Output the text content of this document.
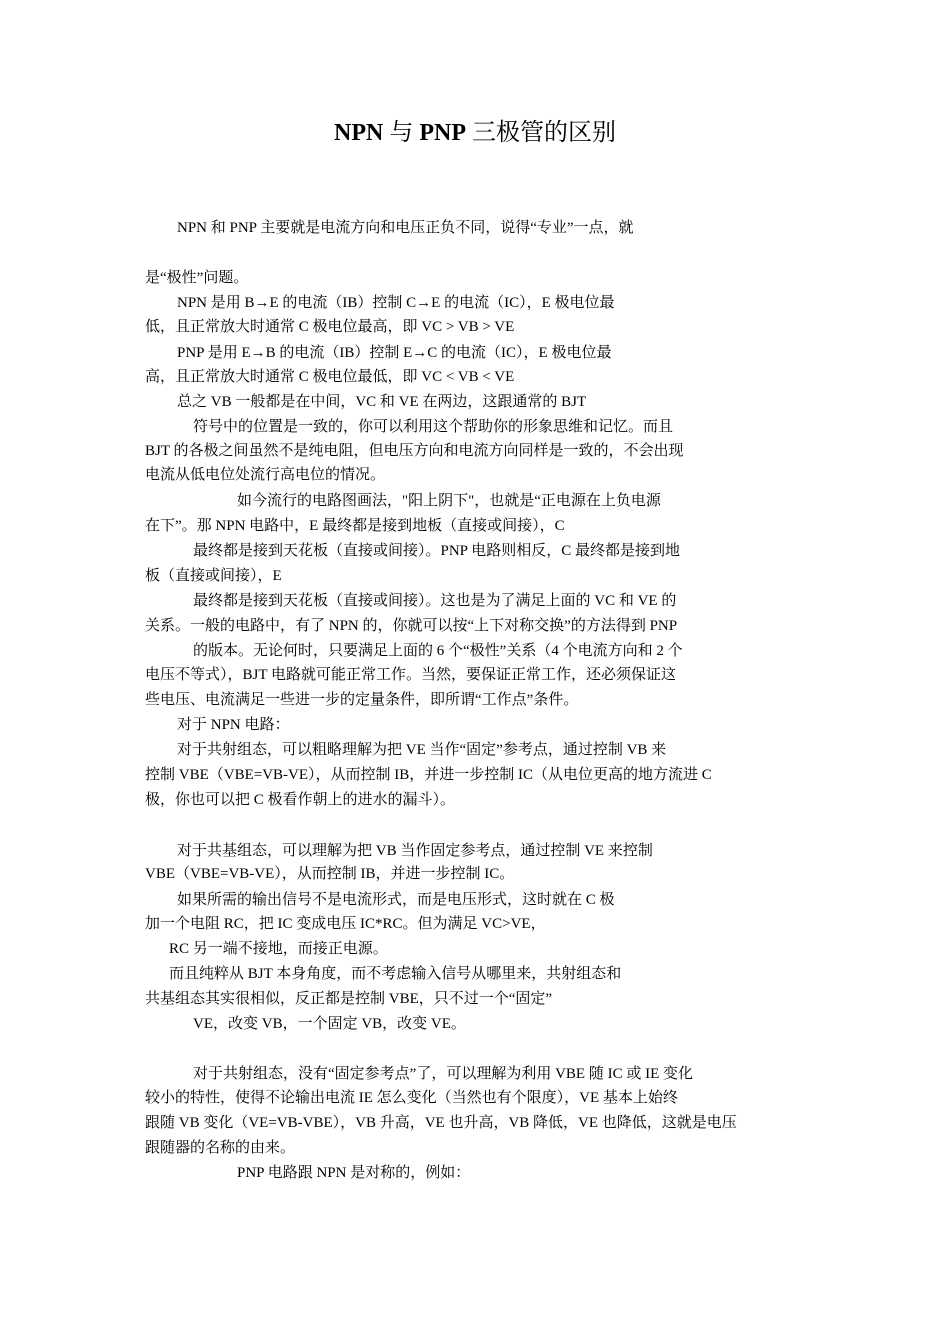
NPN 与 PNP 三极管的区别
NPN 和 PNP 主要就是电流方向和电压正负不同，说得“专业”一点，就
是“极性”问题。
NPN 是用 B→E 的电流（IB）控制 C→E 的电流（IC），E 极电位最
低，且正常放大时通常 C 极电位最高，即 VC > VB > VE
PNP 是用 E→B 的电流（IB）控制 E→C 的电流（IC），E 极电位最
高，且正常放大时通常 C 极电位最低，即 VC < VB < VE
总之 VB 一般都是在中间，VC 和 VE 在两边，这跟通常的 BJT
符号中的位置是一致的，你可以利用这个帮助你的形象思维和记忆。而且
BJT 的各极之间虽然不是纯电阻，但电压方向和电流方向同样是一致的，不会出现
电流从低电位处流行高电位的情况。
如今流行的电路图画法，"阳上阴下"，也就是“正电源在上负电源
在下”。那 NPN 电路中，E 最终都是接到地板（直接或间接），C
最终都是接到天花板（直接或间接）。PNP 电路则相反，C 最终都是接到地
板（直接或间接），E
最终都是接到天花板（直接或间接）。这也是为了满足上面的 VC 和 VE 的
关系。一般的电路中，有了 NPN 的，你就可以按“上下对称交换”的方法得到 PNP
的版本。无论何时，只要满足上面的 6 个“极性”关系（4 个电流方向和 2 个
电压不等式），BJT 电路就可能正常工作。当然，要保证正常工作，还必须保证这
些电压、电流满足一些进一步的定量条件，即所谓“工作点”条件。
对于 NPN 电路：
对于共射组态，可以粗略理解为把 VE 当作“固定”参考点，通过控制 VB 来
控制 VBE（VBE=VB-VE），从而控制 IB，并进一步控制 IC（从电位更高的地方流进 C
极，你也可以把 C 极看作朝上的进水的漏斗）。
对于共基组态，可以理解为把 VB 当作固定参考点，通过控制 VE 来控制
VBE（VBE=VB-VE），从而控制 IB，并进一步控制 IC。
如果所需的输出信号不是电流形式，而是电压形式，这时就在 C 极
加一个电阻 RC，把 IC 变成电压 IC*RC。但为满足 VC>VE，
RC 另一端不接地，而接正电源。
而且纯粹从 BJT 本身角度，而不考虑输入信号从哪里来，共射组态和
共基组态其实很相似，反正都是控制 VBE，只不过一个“固定”
VE，改变 VB，一个固定 VB，改变 VE。
对于共射组态，没有“固定参考点”了，可以理解为利用 VBE 随 IC 或 IE 变化
较小的特性，使得不论输出电流 IE 怎么变化（当然也有个限度），VE 基本上始终
跟随 VB 变化（VE=VB-VBE），VB 升高，VE 也升高，VB 降低，VE 也降低，这就是电压
跟随器的名称的由来。
PNP 电路跟 NPN 是对称的，例如：
